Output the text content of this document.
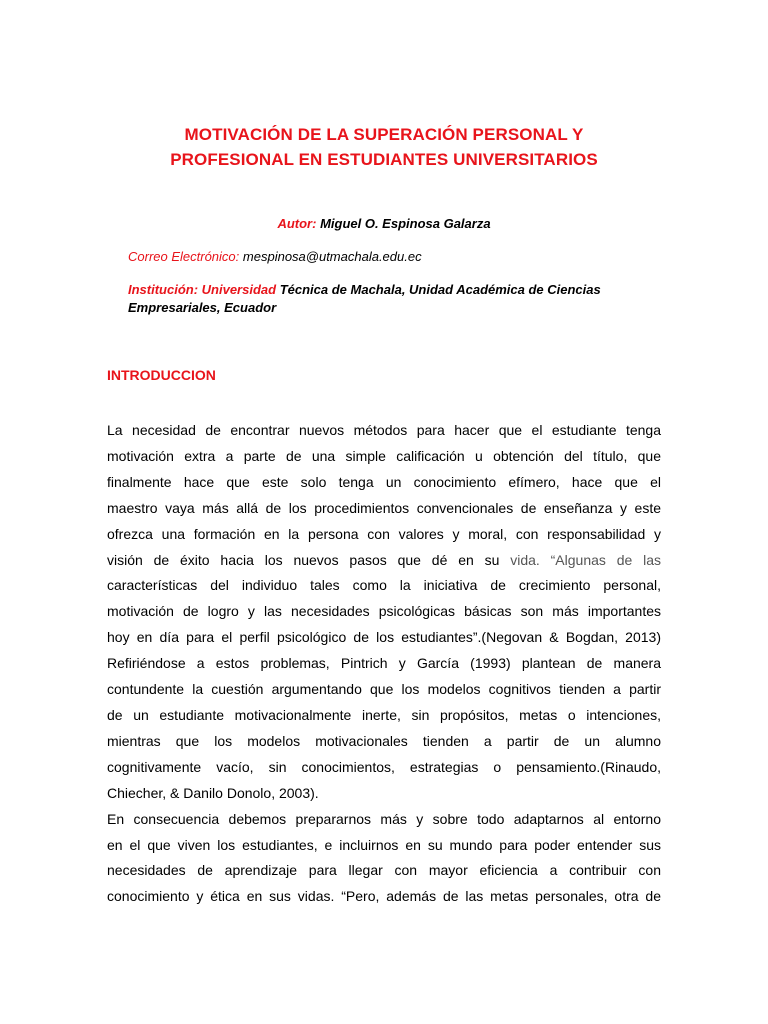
MOTIVACIÓN DE LA SUPERACIÓN PERSONAL Y
PROFESIONAL EN ESTUDIANTES UNIVERSITARIOS
Autor: Miguel O. Espinosa Galarza
Correo Electrónico: mespinosa@utmachala.edu.ec
Institución: Universidad Técnica de Machala, Unidad Académica de Ciencias
Empresariales, Ecuador
INTRODUCCION
La necesidad de encontrar nuevos métodos para hacer que el estudiante tenga
motivación extra a parte de una simple calificación u obtención del título, que
finalmente hace que este solo tenga un conocimiento efímero, hace que el
maestro vaya más allá de los procedimientos convencionales de enseñanza y este
ofrezca una formación en la persona con valores y moral, con responsabilidad y
visión de éxito hacia los nuevos pasos que dé en su vida. “Algunas de las
características del individuo tales como la iniciativa de crecimiento personal,
motivación de logro y las necesidades psicológicas básicas son más importantes
hoy en día para el perfil psicológico de los estudiantes”.(Negovan & Bogdan, 2013)
Refiriéndose a estos problemas, Pintrich y García (1993) plantean de manera
contundente la cuestión argumentando que los modelos cognitivos tienden a partir
de un estudiante motivacionalmente inerte, sin propósitos, metas o intenciones,
mientras que los modelos motivacionales tienden a partir de un alumno
cognitivamente vacío, sin conocimientos, estrategias o pensamiento.(Rinaudo,
Chiecher, & Danilo Donolo, 2003).
En consecuencia debemos prepararnos más y sobre todo adaptarnos al entorno
en el que viven los estudiantes, e incluirnos en su mundo para poder entender sus
necesidades de aprendizaje para llegar con mayor eficiencia a contribuir con
conocimiento y ética en sus vidas. “Pero, además de las metas personales, otra de
